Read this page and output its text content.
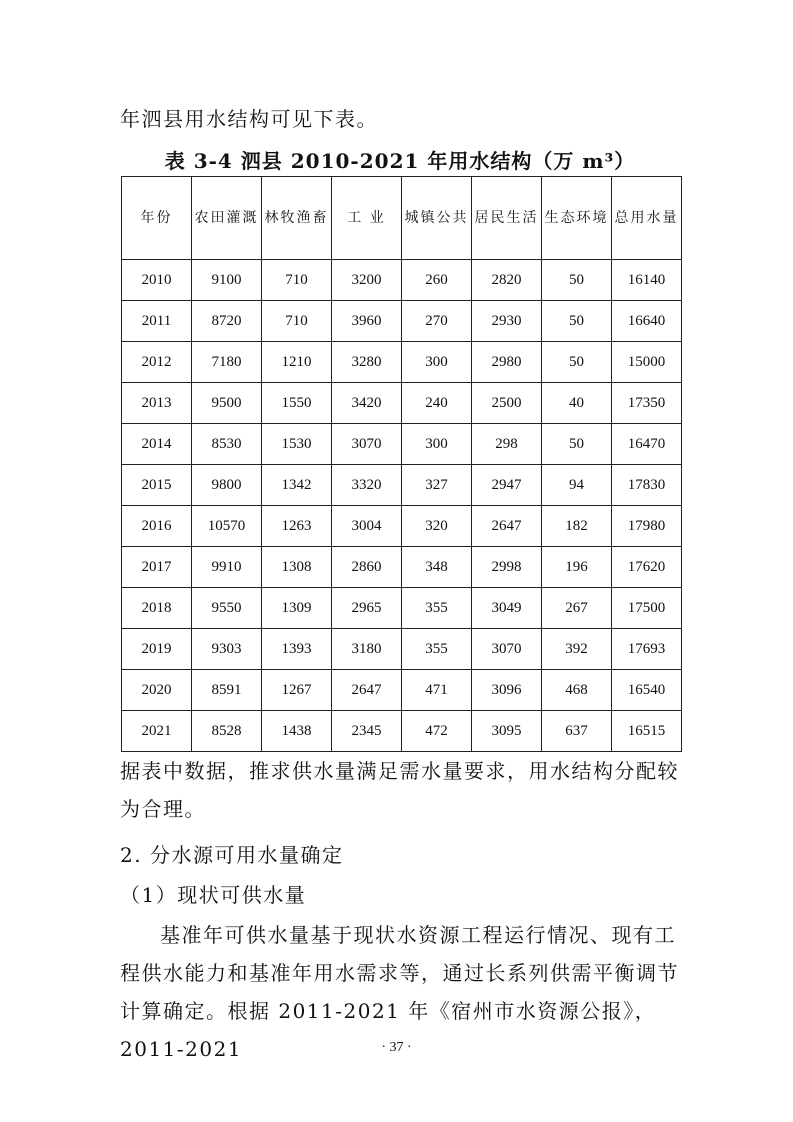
年泗县用水结构可见下表。

表 3-4 泗县 2010-2021 年用水结构（万 m³）
年份	农田灌溉	林牧渔畜	工 业	城镇公共	居民生活	生态环境	总用水量
2010	9100	710	3200	260	2820	50	16140
2011	8720	710	3960	270	2930	50	16640
2012	7180	1210	3280	300	2980	50	15000
2013	9500	1550	3420	240	2500	40	17350
2014	8530	1530	3070	300	298	50	16470
2015	9800	1342	3320	327	2947	94	17830
2016	10570	1263	3004	320	2647	182	17980
2017	9910	1308	2860	348	2998	196	17620
2018	9550	1309	2965	355	3049	267	17500
2019	9303	1393	3180	355	3070	392	17693
2020	8591	1267	2647	471	3096	468	16540
2021	8528	1438	2345	472	3095	637	16515

据表中数据，推求供水量满足需水量要求，用水结构分配较为合理。

2. 分水源可用水量确定

（1）现状可供水量

基准年可供水量基于现状水资源工程运行情况、现有工程供水能力和基准年用水需求等，通过长系列供需平衡调节计算确定。根据 2011-2021 年《宿州市水资源公报》，2011-2021	· 37 ·
